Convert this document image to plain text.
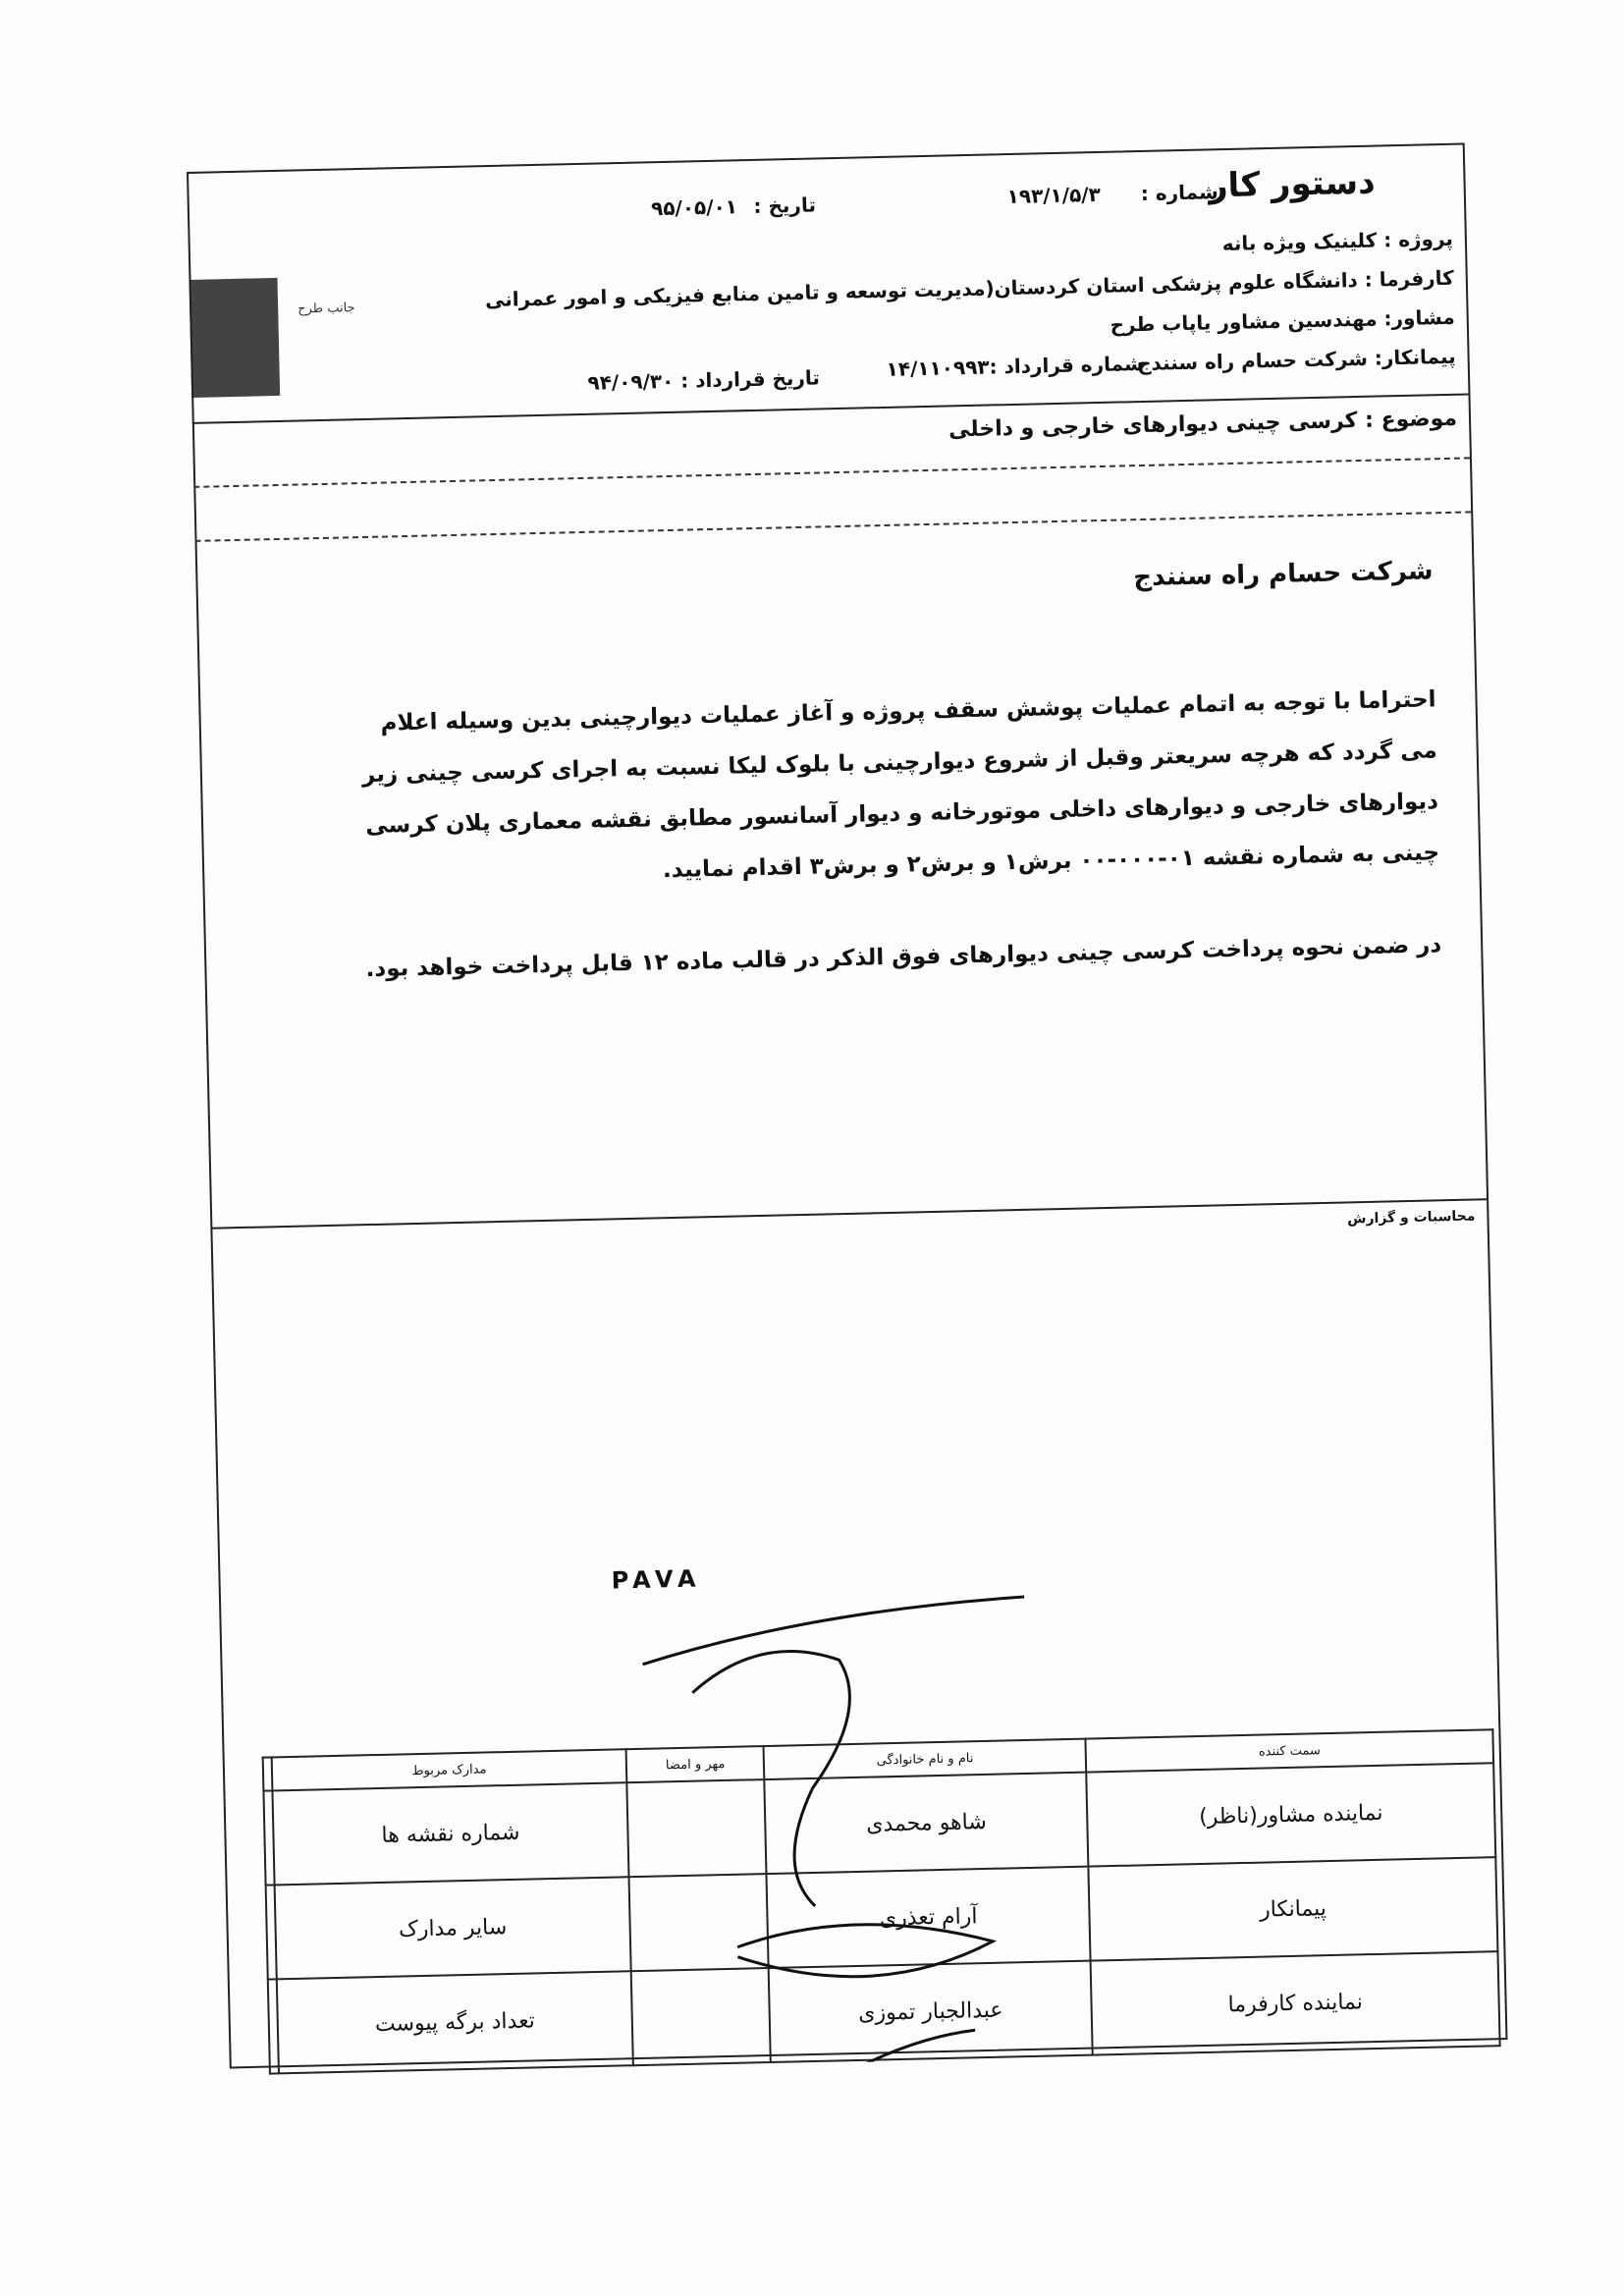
جانب طرح
دستور کار
شماره :
۱۹۳/۱/۵/۳
تاریخ :
۹۵/۰۵/۰۱
پروژه : کلینیک ویژه بانه
کارفرما : دانشگاه علوم پزشکی استان کردستان(مدیریت توسعه و تامین منابع فیزیکی و امور عمرانی
مشاور: مهندسین مشاور یاپاب طرح
پیمانکار: شرکت حسام راه سنندج
شماره قرارداد :۱۴/۱۱۰۹۹۳
تاریخ قرارداد : ۹۴/۰۹/۳۰
موضوع : کرسی چینی دیوارهای خارجی و داخلی
شرکت حسام راه سنندج
احتراما با توجه به اتمام عملیات پوشش سقف پروژه و آغاز عملیات دیوارچینی بدین وسیله اعلام می گردد که هرچه سریعتر وقبل از شروع دیوارچینی با بلوک لیکا نسبت به اجرای کرسی چینی زیر دیوارهای خارجی و دیوارهای داخلی موتورخانه و دیوار آسانسور مطابق نقشه معماری پلان کرسی چینی به شماره نقشه ۰۱-۰۰۰-۰۰ برش۱ و برش۲ و برش۳ اقدام نمایید.
در ضمن نحوه پرداخت کرسی چینی دیوارهای فوق الذکر در قالب ماده ۱۲ قابل پرداخت خواهد بود.
محاسبات و گزارش
PAVA
سمت کننده	نام و نام خانوادگی	مهر و امضا	مدارک مربوط	
نماینده مشاور(ناظر)	شاهو محمدی		شماره نقشه ها	
پیمانکار	آرام تعذری		سایر مدارک	
نماینده کارفرما	عبدالجبار تموزی		تعداد برگه پیوست	
